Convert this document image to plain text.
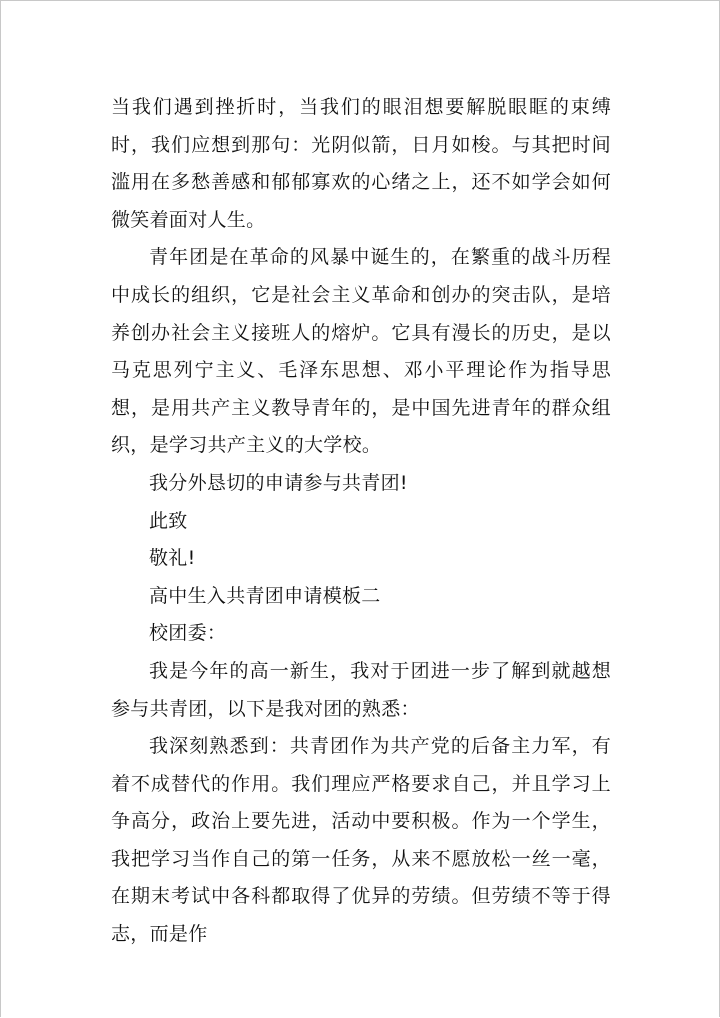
当我们遇到挫折时，当我们的眼泪想要解脱眼眶的束缚时，我们应想到那句：光阴似箭，日月如梭。与其把时间滥用在多愁善感和郁郁寡欢的心绪之上，还不如学会如何微笑着面对人生。

青年团是在革命的风暴中诞生的，在繁重的战斗历程中成长的组织，它是社会主义革命和创办的突击队，是培养创办社会主义接班人的熔炉。它具有漫长的历史，是以马克思列宁主义、毛泽东思想、邓小平理论作为指导思想，是用共产主义教导青年的，是中国先进青年的群众组织，是学习共产主义的大学校。

我分外恳切的申请参与共青团!

此致

敬礼!

高中生入共青团申请模板二

校团委：

我是今年的高一新生，我对于团进一步了解到就越想参与共青团，以下是我对团的熟悉：

我深刻熟悉到：共青团作为共产党的后备主力军，有着不成替代的作用。我们理应严格要求自己，并且学习上争高分，政治上要先进，活动中要积极。作为一个学生，我把学习当作自己的第一任务，从来不愿放松一丝一毫，在期末考试中各科都取得了优异的劳绩。但劳绩不等于得志，而是作
